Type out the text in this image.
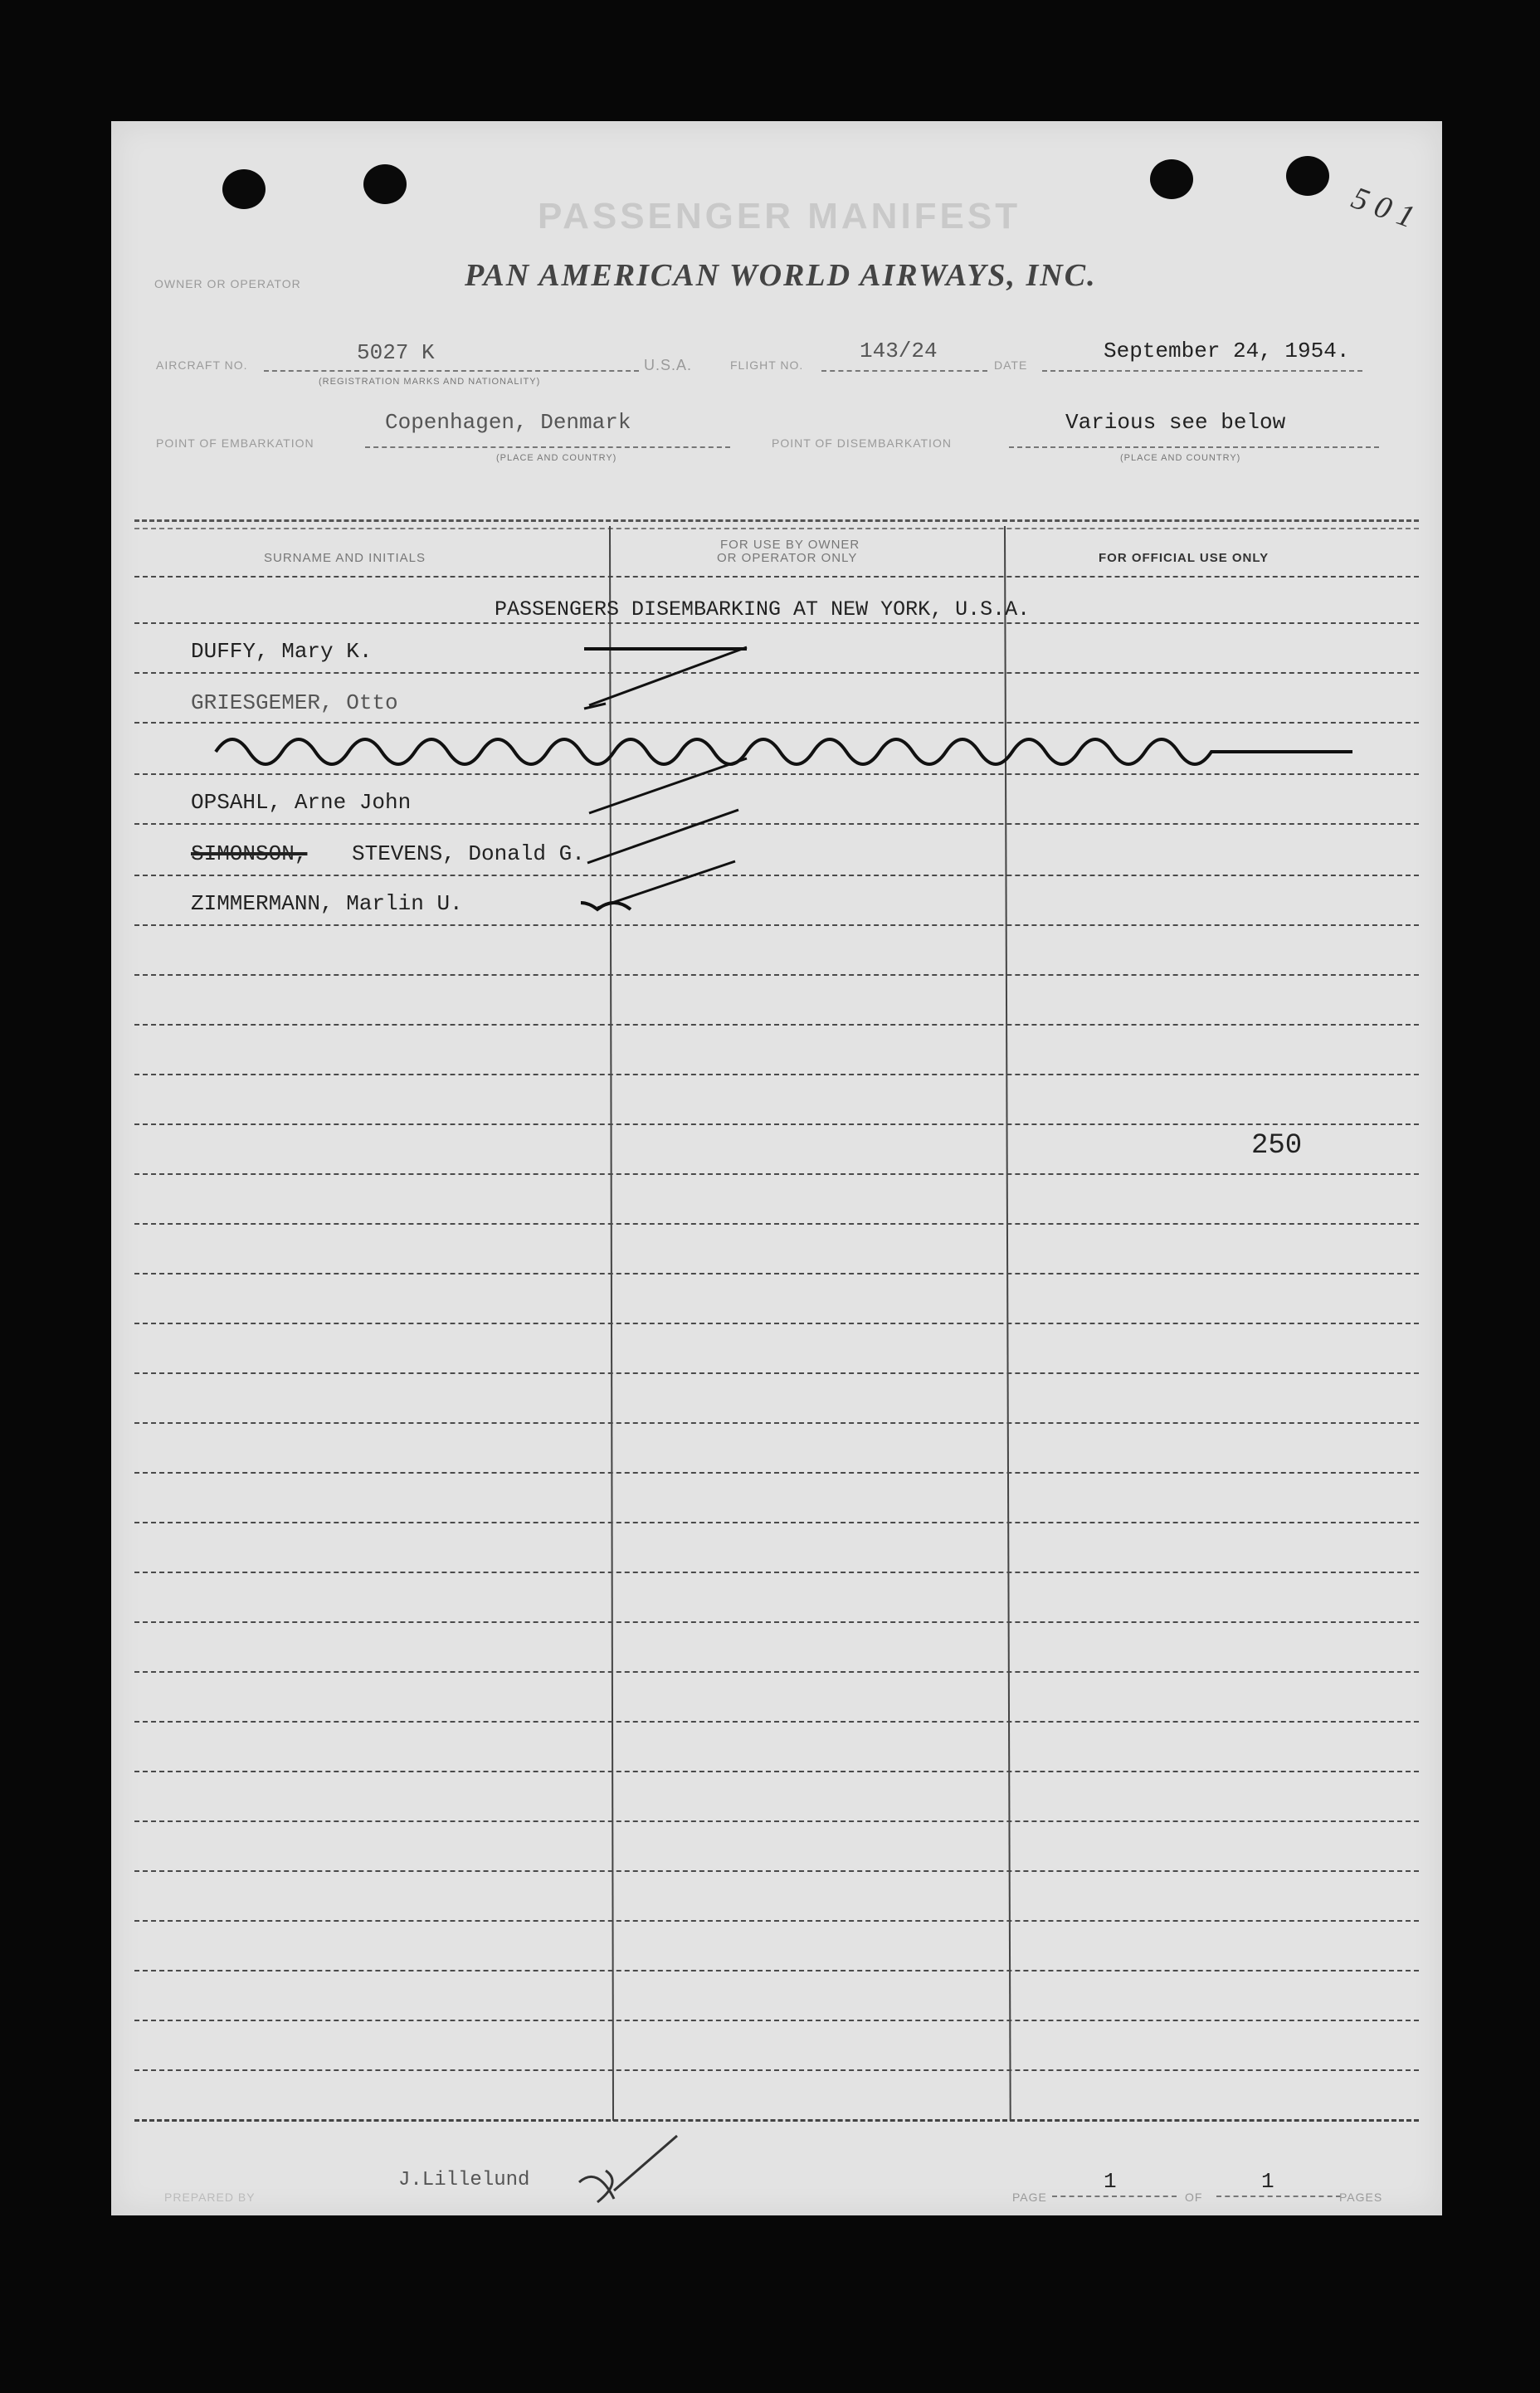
PASSENGER MANIFEST
OWNER OR OPERATOR	PAN AMERICAN WORLD AIRWAYS, INC.
501
AIRCRAFT NO.	5027 K	U.S.A.
(REGISTRATION MARKS AND NATIONALITY)
FLIGHT NO.
143/24
DATE
September 24, 1954.
POINT OF EMBARKATION
Copenhagen, Denmark
(PLACE AND COUNTRY)
POINT OF DISEMBARKATION
Various see below
(PLACE AND COUNTRY)
SURNAME AND INITIALS
FOR USE BY OWNER
OR OPERATOR ONLY	FOR OFFICIAL USE ONLY
PASSENGERS DISEMBARKING AT NEW YORK, U.S.A.
DUFFY, Mary K.
GRIESGEMER, Otto
OPSAHL, Arne John
SIMONSON, STEVENS, Donald G.
ZIMMERMANN, Marlin U.
250
PREPARED BY
J.Lillelund
PAGE
1
OF
1
PAGES
